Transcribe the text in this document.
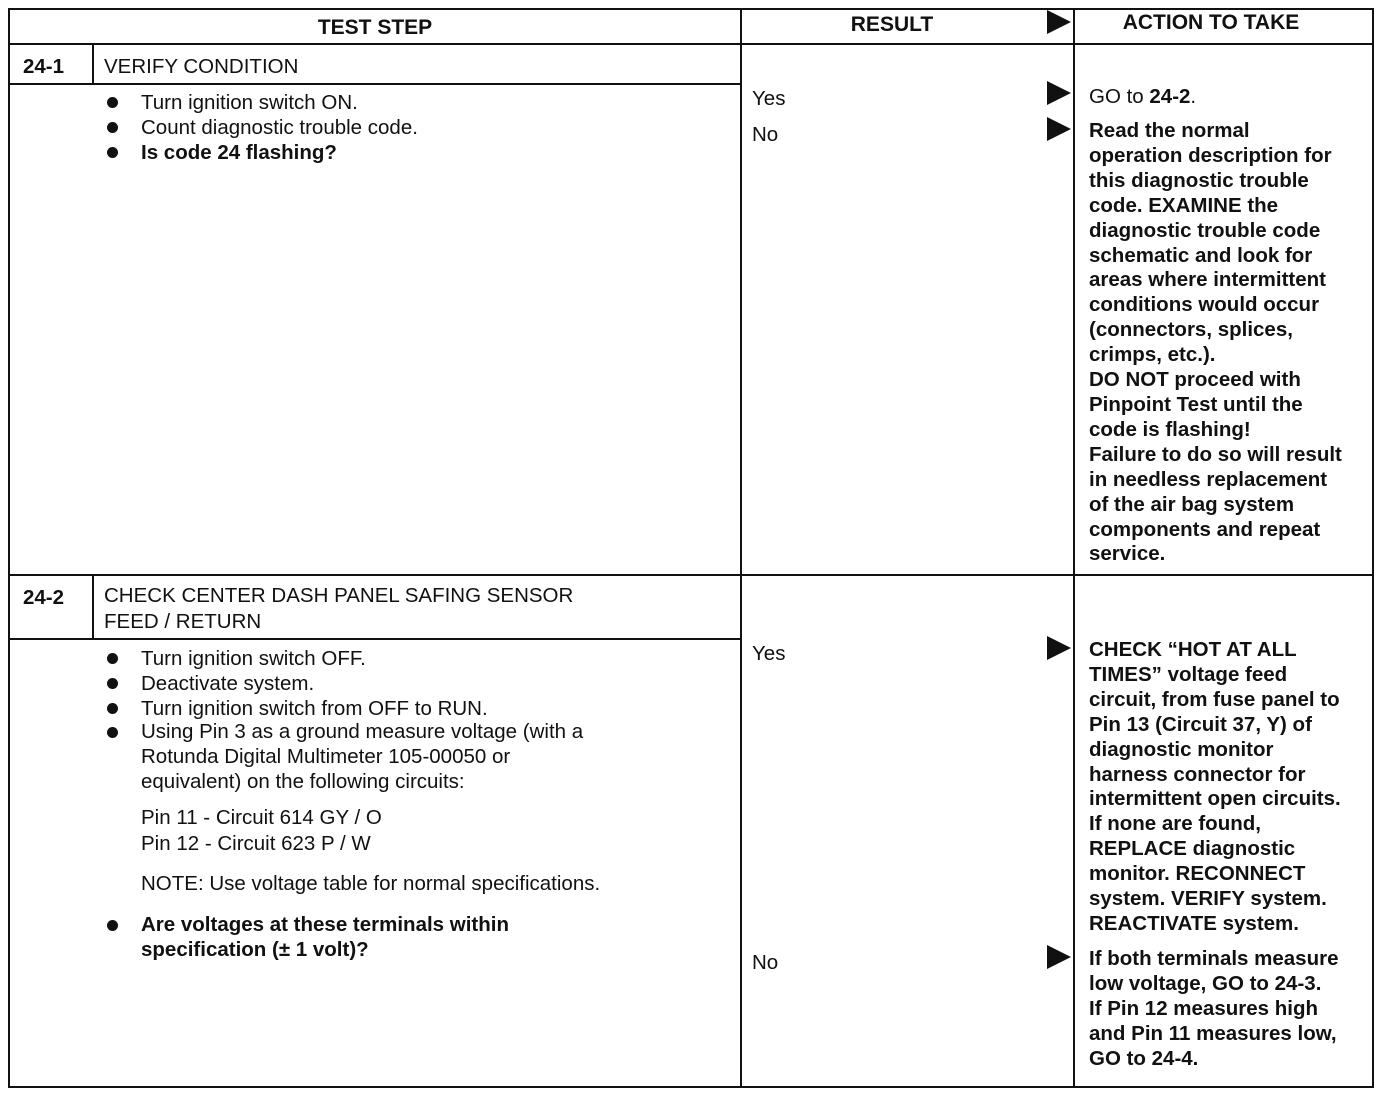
TEST STEP	RESULT	ACTION TO TAKE
24-1 VERIFY CONDITION
Turn ignition switch ON.
Count diagnostic trouble code.
Is code 24 flashing?
Yes
No
GO to 24-2.
Read the normal
operation description for
this diagnostic trouble
code. EXAMINE the
diagnostic trouble code
schematic and look for
areas where intermittent
conditions would occur
(connectors, splices,
crimps, etc.).
DO NOT proceed with
Pinpoint Test until the
code is flashing!
Failure to do so will result
in needless replacement
of the air bag system
components and repeat
service.
24-2 CHECK CENTER DASH PANEL SAFING SENSOR
FEED / RETURN
Turn ignition switch OFF.
Deactivate system.
Turn ignition switch from OFF to RUN.
Using Pin 3 as a ground measure voltage (with a
Rotunda Digital Multimeter 105-00050 or
equivalent) on the following circuits:
Pin 11 - Circuit 614 GY / O
Pin 12 - Circuit 623 P / W
NOTE: Use voltage table for normal specifications.
Are voltages at these terminals within
specification (± 1 volt)?
Yes
No
CHECK “HOT AT ALL
TIMES” voltage feed
circuit, from fuse panel to
Pin 13 (Circuit 37, Y) of
diagnostic monitor
harness connector for
intermittent open circuits.
If none are found,
REPLACE diagnostic
monitor. RECONNECT
system. VERIFY system.
REACTIVATE system.
If both terminals measure
low voltage, GO to 24-3.
If Pin 12 measures high
and Pin 11 measures low,
GO to 24-4.
